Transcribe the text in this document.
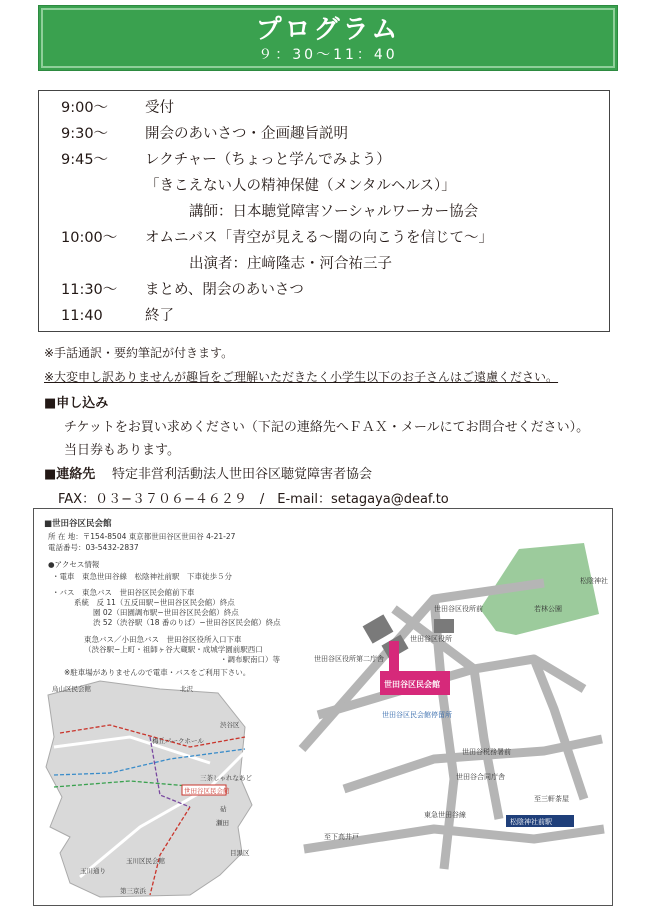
プログラム
９：30〜11：40
9:00〜	受付
9:30〜	開会のあいさつ・企画趣旨説明
9:45〜	レクチャー（ちょっと学んでみよう）
「きこえない人の精神保健（メンタルヘルス）」
講師：日本聴覚障害ソーシャルワーカー協会
10:00〜 オムニバス「青空が見える〜闇の向こうを信じて〜」
出演者：庄﨑隆志・河合祐三子
11:30〜 まとめ、閉会のあいさつ
11:40	終了
※手話通訳・要約筆記が付きます。
※大変申し訳ありませんが趣旨をご理解いただきたく小学生以下のお子さんはご遠慮ください。
■申し込み
チケットをお買い求めください（下記の連絡先へＦＡＸ・メールにてお問合せください）。
当日券もあります。
■連絡先 特定非営利活動法人世田谷区聴覚障害者協会
FAX：０３−３７０６−４６２９　/　E-mail：setagaya@deaf.to
■世田谷区民会館
所 在 地：〒154-8504 東京都世田谷区世田谷 4-21-27
電話番号：03-5432-2837
●アクセス情報
・電車　東急世田谷線　松陰神社前駅　下車徒歩５分
・バス　東急バス　世田谷区民会館前下車
系統　反 11（五反田駅−世田谷区民会館）終点
園 02（田園調布駅−世田谷区民会館）終点
渋 52（渋谷駅（18 番のりば）−世田谷区民会館）終点
東急バス／小田急バス　世田谷区役所入口下車
（渋谷駅−上町・祖師ヶ谷大蔵駅・成城学園前駅西口
・調布駅南口）等
※駐車場がありませんので電車・バスをご利用下さい。
世田谷区民会館
烏山区民会館	北沢
渋谷区
梅丘パークホール
三茶しゃれなあど
瀬田
玉川区民会館
玉川通り
目黒区
砧
第三京浜
世田谷区民会館
松陰神社
若林公園
世田谷区役所前
世田谷区役所
世田谷区役所第二庁舎
世田谷区民会館停留所
世田谷税務署前
世田谷合同庁舎
東急世田谷線
松陰神社前駅
至三軒茶屋
至下高井戸
